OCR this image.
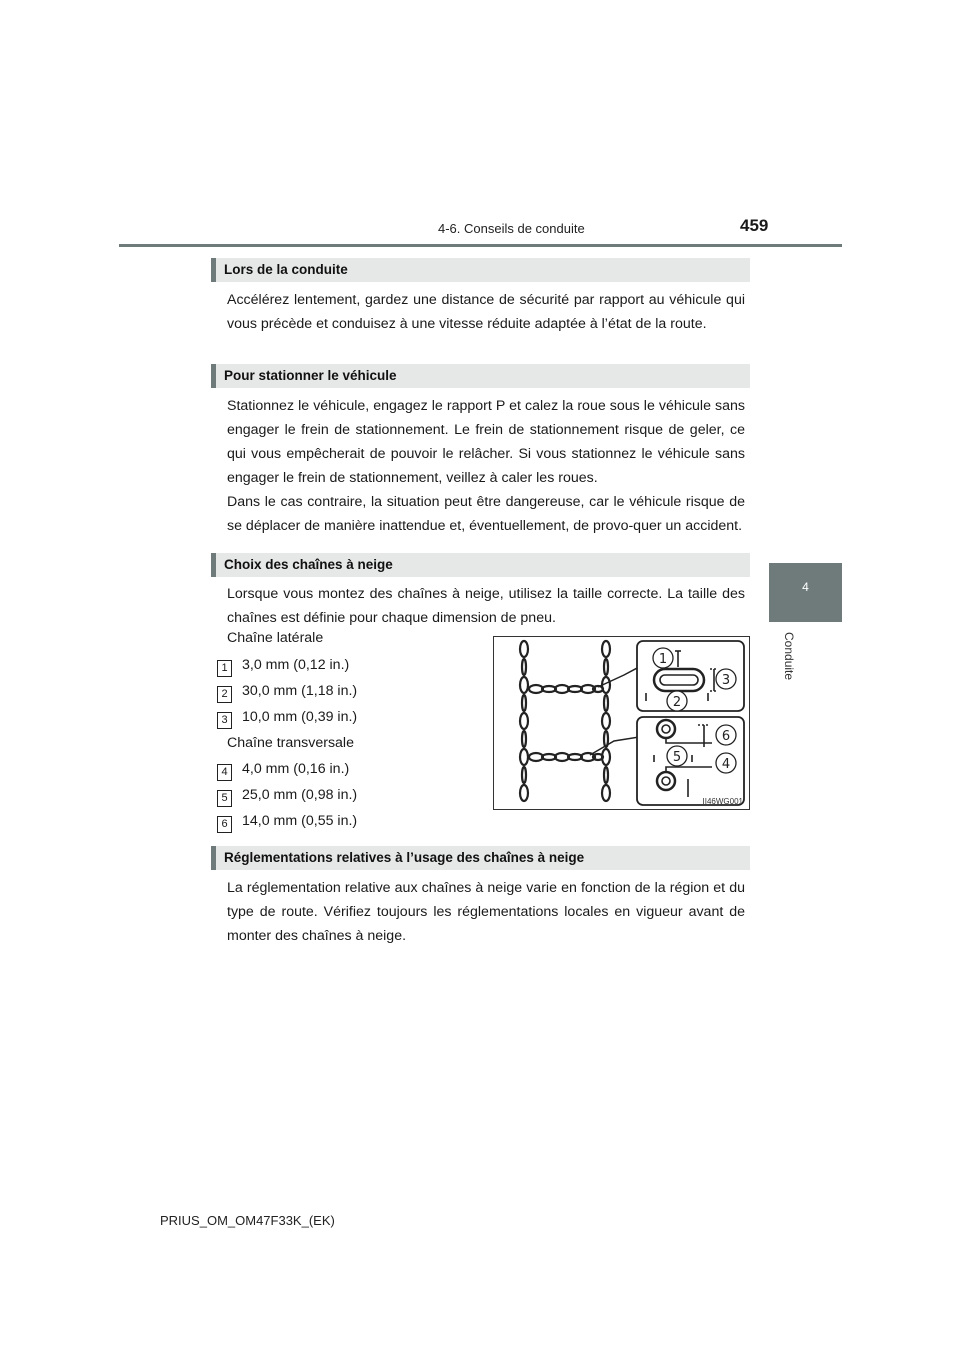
4-6. Conseils de conduite	459
4
Conduite
Lors de la conduite
Accélérez lentement, gardez une distance de sécurité par rapport au véhicule qui vous précède et conduisez à une vitesse réduite adaptée à l’état de la route.
Pour stationner le véhicule
Stationnez le véhicule, engagez le rapport P et calez la roue sous le véhicule sans engager le frein de stationnement. Le frein de stationnement risque de geler, ce qui vous empêcherait de pouvoir le relâcher. Si vous stationnez le véhicule sans engager le frein de stationnement, veillez à caler les roues.
Dans le cas contraire, la situation peut être dangereuse, car le véhicule risque de se déplacer de manière inattendue et, éventuellement, de provo-quer un accident.
Choix des chaînes à neige
Lorsque vous montez des chaînes à neige, utilisez la taille correcte. La taille des chaînes est définie pour chaque dimension de pneu.
Chaîne latérale
1	3,0 mm (0,12 in.)
2	30,0 mm (1,18 in.)
3	10,0 mm (0,39 in.)
Chaîne transversale
4	4,0 mm (0,16 in.)
5	25,0 mm (0,98 in.)
6	14,0 mm (0,55 in.)
1
2
3
4
5
6
II46WG001
Réglementations relatives à l’usage des chaînes à neige
La réglementation relative aux chaînes à neige varie en fonction de la région et du type de route. Vérifiez toujours les réglementations locales en vigueur avant de monter des chaînes à neige.
PRIUS_OM_OM47F33K_(EK)
